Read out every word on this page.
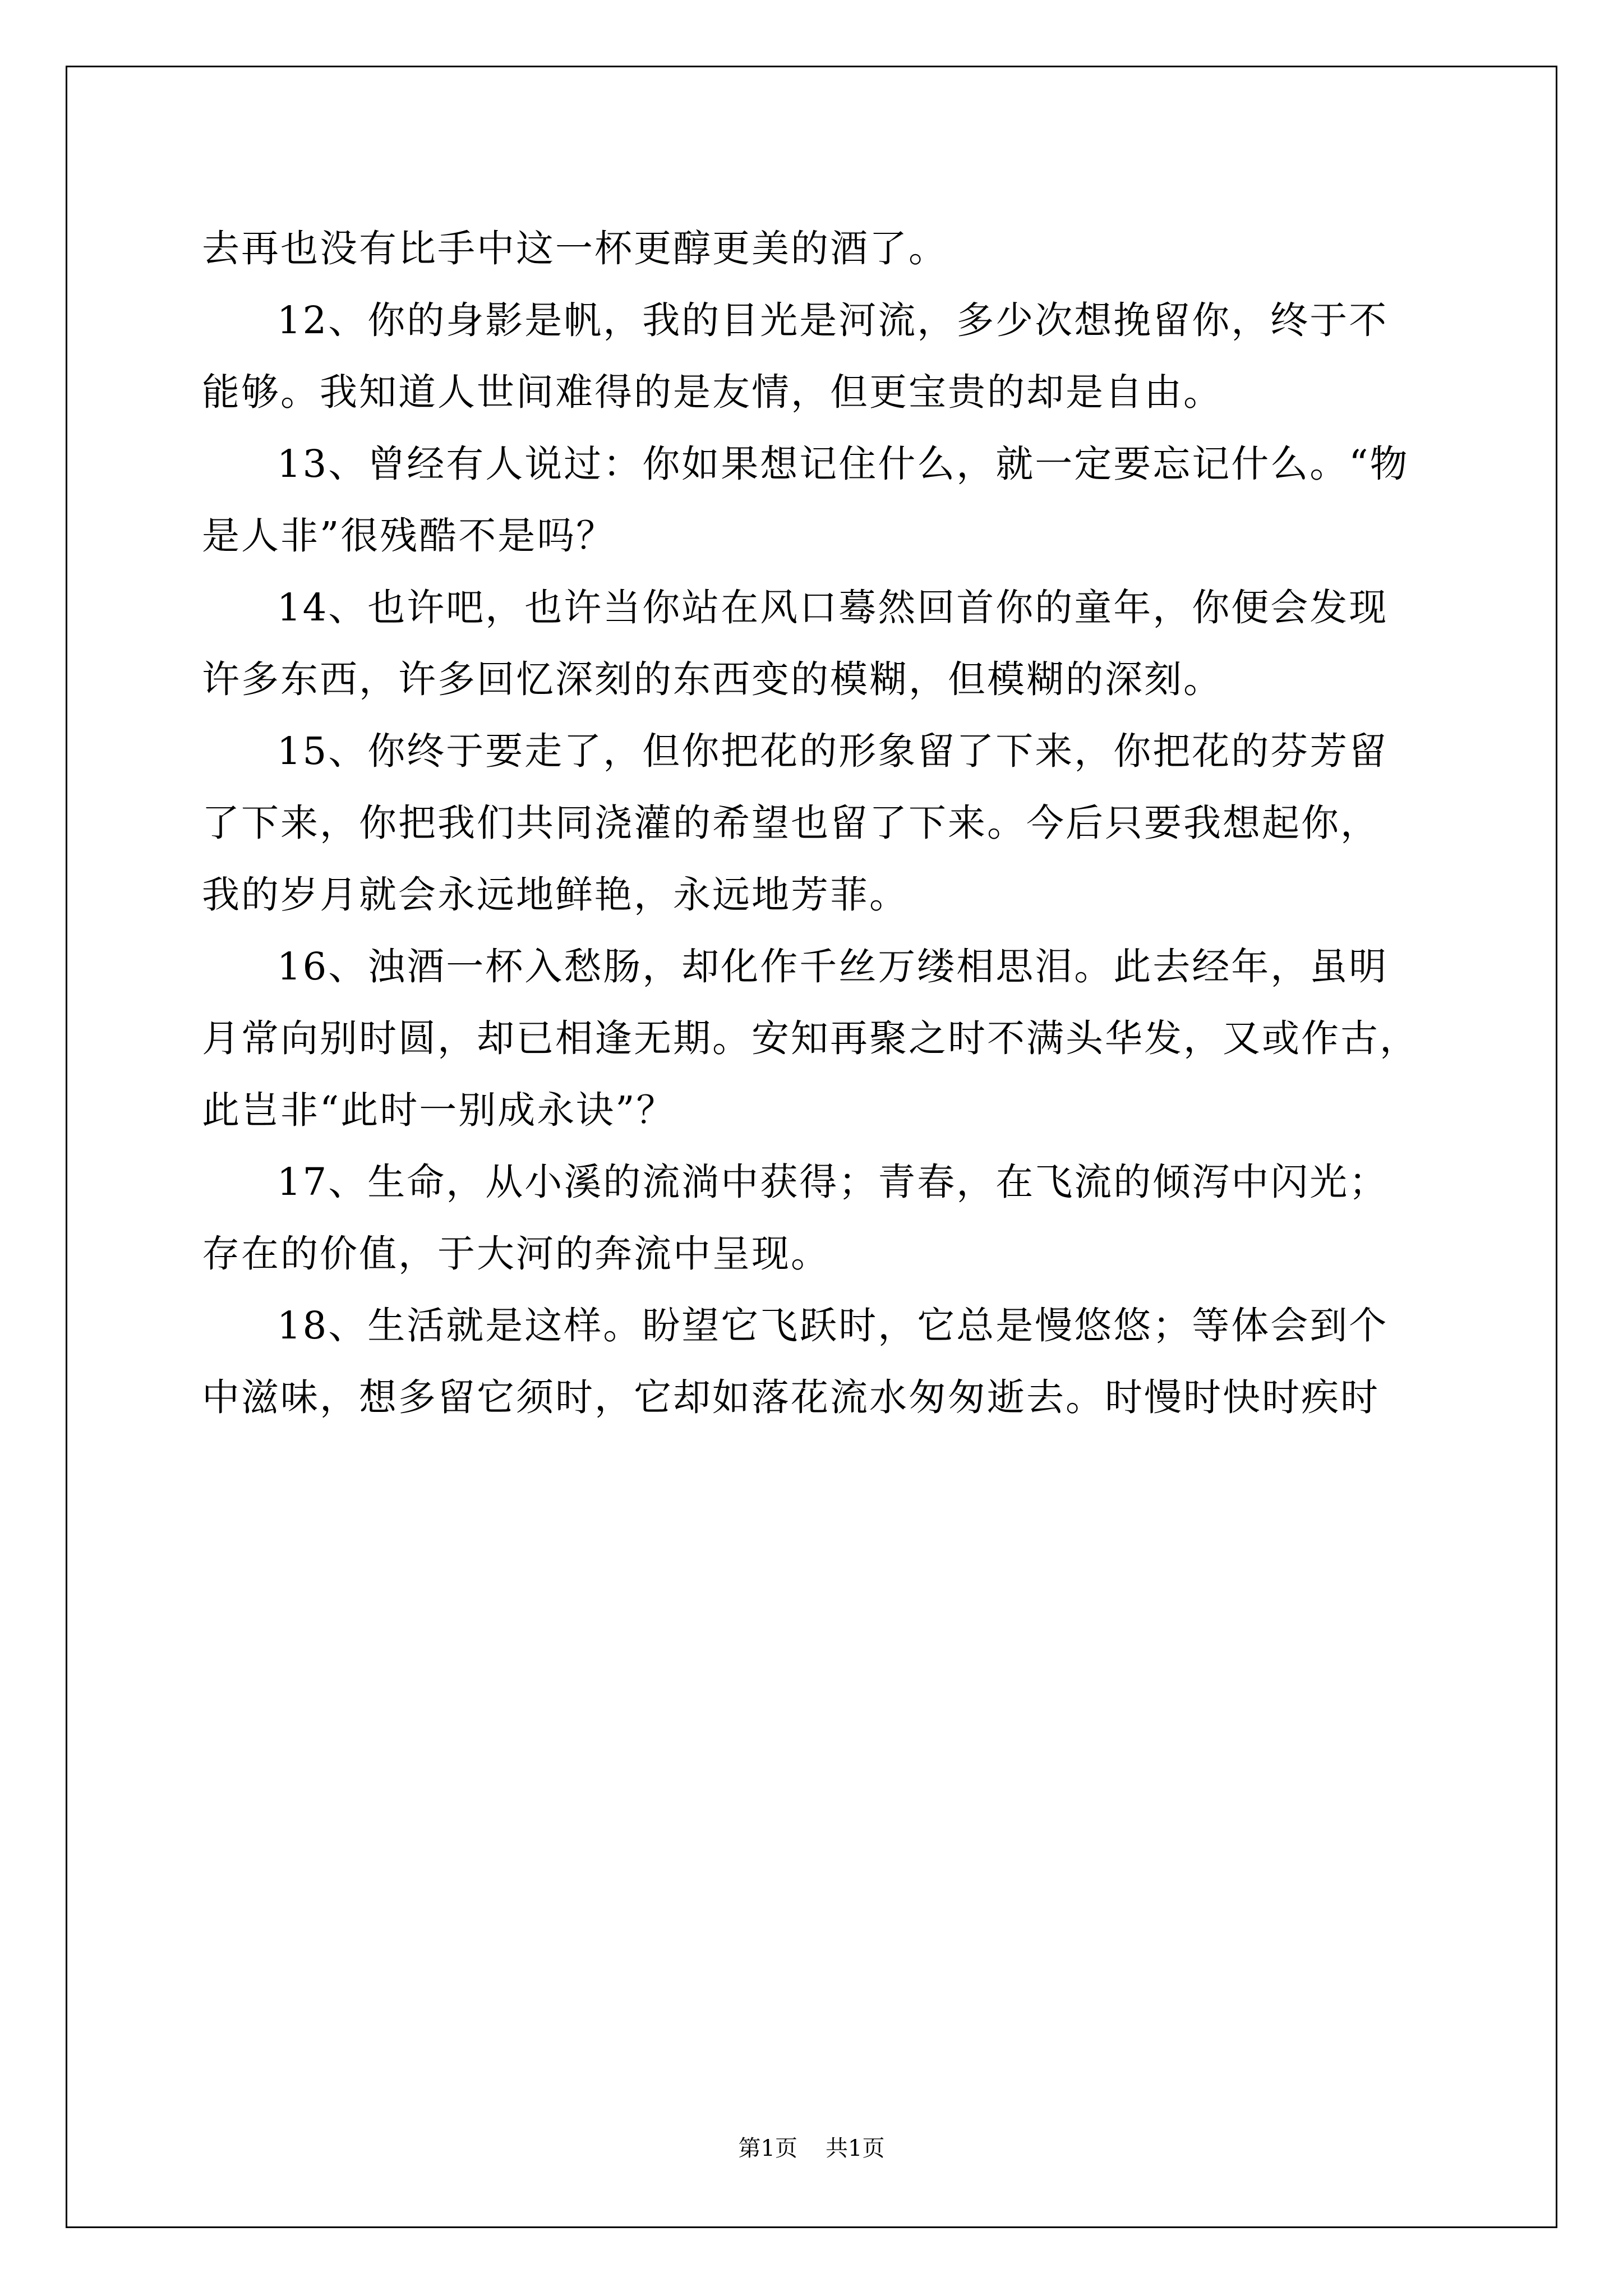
去再也没有比手中这一杯更醇更美的酒了。
12、你的身影是帆，我的目光是河流，多少次想挽留你，终于不
能够。我知道人世间难得的是友情，但更宝贵的却是自由。
13、曾经有人说过：你如果想记住什么，就一定要忘记什么。“物
是人非”很残酷不是吗？
14、也许吧，也许当你站在风口蓦然回首你的童年，你便会发现
许多东西，许多回忆深刻的东西变的模糊，但模糊的深刻。
15、你终于要走了，但你把花的形象留了下来，你把花的芬芳留
了下来，你把我们共同浇灌的希望也留了下来。今后只要我想起你，
我的岁月就会永远地鲜艳，永远地芳菲。
16、浊酒一杯入愁肠，却化作千丝万缕相思泪。此去经年，虽明
月常向别时圆，却已相逢无期。安知再聚之时不满头华发，又或作古，
此岂非“此时一别成永诀”？
17、生命，从小溪的流淌中获得；青春，在飞流的倾泻中闪光；
存在的价值，于大河的奔流中呈现。
18、生活就是这样。盼望它飞跃时，它总是慢悠悠；等体会到个
中滋味，想多留它须时，它却如落花流水匆匆逝去。时慢时快时疾时
第1页 共1页
